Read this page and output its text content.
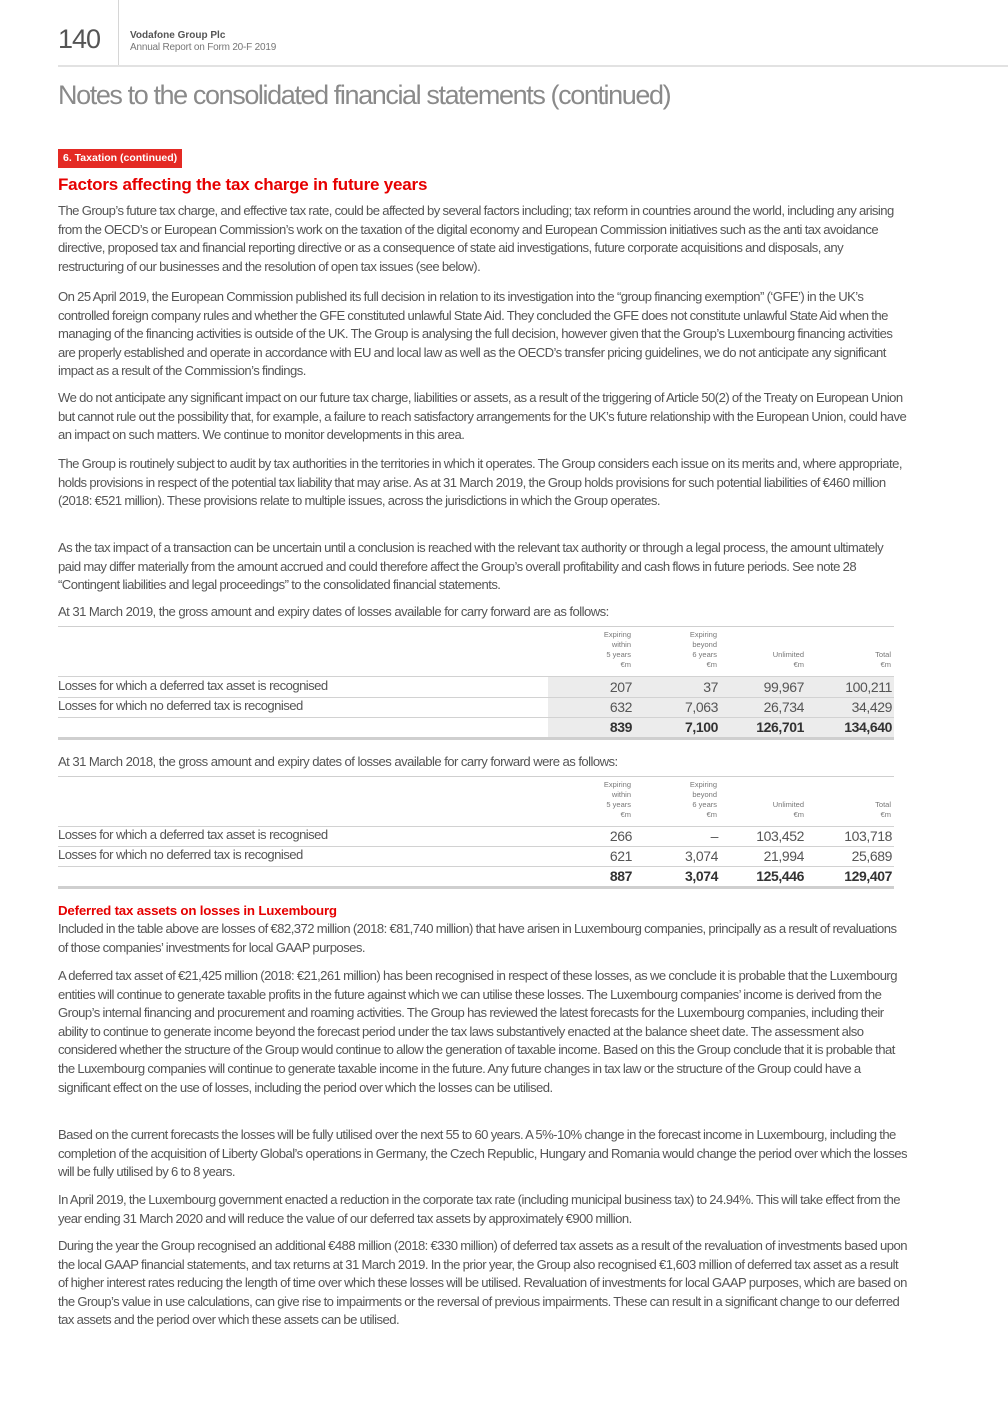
140	Vodafone Group Plc
Annual Report on Form 20-F 2019
Notes to the consolidated financial statements (continued)
6. Taxation (continued)
Factors affecting the tax charge in future years

The Group’s future tax charge, and effective tax rate, could be affected by several factors including; tax reform in countries around the world, including any arising from the OECD’s or European Commission’s work on the taxation of the digital economy and European Commission initiatives such as the anti tax avoidance directive, proposed tax and financial reporting directive or as a consequence of state aid investigations, future corporate acquisitions and disposals, any restructuring of our businesses and the resolution of open tax issues (see below).

On 25 April 2019, the European Commission published its full decision in relation to its investigation into the “group financing exemption” (‘GFE’) in the UK’s controlled foreign company rules and whether the GFE constituted unlawful State Aid. They concluded the GFE does not constitute unlawful State Aid when the managing of the financing activities is outside of the UK. The Group is analysing the full decision, however given that the Group’s Luxembourg financing activities are properly established and operate in accordance with EU and local law as well as the OECD’s transfer pricing guidelines, we do not anticipate any significant impact as a result of the Commission’s findings.

We do not anticipate any significant impact on our future tax charge, liabilities or assets, as a result of the triggering of Article 50(2) of the Treaty on European Union but cannot rule out the possibility that, for example, a failure to reach satisfactory arrangements for the UK’s future relationship with the European Union, could have an impact on such matters. We continue to monitor developments in this area.

The Group is routinely subject to audit by tax authorities in the territories in which it operates. The Group considers each issue on its merits and, where appropriate, holds provisions in respect of the potential tax liability that may arise. As at 31 March 2019, the Group holds provisions for such potential liabilities of €460 million (2018: €521 million). These provisions relate to multiple issues, across the jurisdictions in which the Group operates.

As the tax impact of a transaction can be uncertain until a conclusion is reached with the relevant tax authority or through a legal process, the amount ultimately paid may differ materially from the amount accrued and could therefore affect the Group’s overall profitability and cash flows in future periods. See note 28 “Contingent liabilities and legal proceedings” to the consolidated financial statements.

At 31 March 2019, the gross amount and expiry dates of losses available for carry forward are as follows:
Expiring
within
5 years
€m
Expiring
beyond
6 years
€m
Unlimited
€m
Total
€m
Losses for which a deferred tax asset is recognised	207	37	99,967	100,211
Losses for which no deferred tax is recognised	632	7,063	26,734	34,429
839	7,100	126,701	134,640
At 31 March 2018, the gross amount and expiry dates of losses available for carry forward were as follows:
Expiring
within
5 years
€m
Expiring
beyond
6 years
€m
Unlimited
€m
Total
€m
Losses for which a deferred tax asset is recognised	266	–	103,452	103,718
Losses for which no deferred tax is recognised	621	3,074	21,994	25,689
887	3,074	125,446	129,407
Deferred tax assets on losses in Luxembourg

Included in the table above are losses of €82,372 million (2018: €81,740 million) that have arisen in Luxembourg companies, principally as a result of revaluations of those companies’ investments for local GAAP purposes.

A deferred tax asset of €21,425 million (2018: €21,261 million) has been recognised in respect of these losses, as we conclude it is probable that the Luxembourg entities will continue to generate taxable profits in the future against which we can utilise these losses. The Luxembourg companies’ income is derived from the Group’s internal financing and procurement and roaming activities. The Group has reviewed the latest forecasts for the Luxembourg companies, including their ability to continue to generate income beyond the forecast period under the tax laws substantively enacted at the balance sheet date. The assessment also considered whether the structure of the Group would continue to allow the generation of taxable income. Based on this the Group conclude that it is probable that the Luxembourg companies will continue to generate taxable income in the future. Any future changes in tax law or the structure of the Group could have a significant effect on the use of losses, including the period over which the losses can be utilised.

Based on the current forecasts the losses will be fully utilised over the next 55 to 60 years. A 5%-10% change in the forecast income in Luxembourg, including the completion of the acquisition of Liberty Global’s operations in Germany, the Czech Republic, Hungary and Romania would change the period over which the losses will be fully utilised by 6 to 8 years.

In April 2019, the Luxembourg government enacted a reduction in the corporate tax rate (including municipal business tax) to 24.94%. This will take effect from the year ending 31 March 2020 and will reduce the value of our deferred tax assets by approximately €900 million.

During the year the Group recognised an additional €488 million (2018: €330 million) of deferred tax assets as a result of the revaluation of investments based upon the local GAAP financial statements, and tax returns at 31 March 2019. In the prior year, the Group also recognised €1,603 million of deferred tax asset as a result of higher interest rates reducing the length of time over which these losses will be utilised. Revaluation of investments for local GAAP purposes, which are based on the Group’s value in use calculations, can give rise to impairments or the reversal of previous impairments. These can result in a significant change to our deferred tax assets and the period over which these assets can be utilised.
